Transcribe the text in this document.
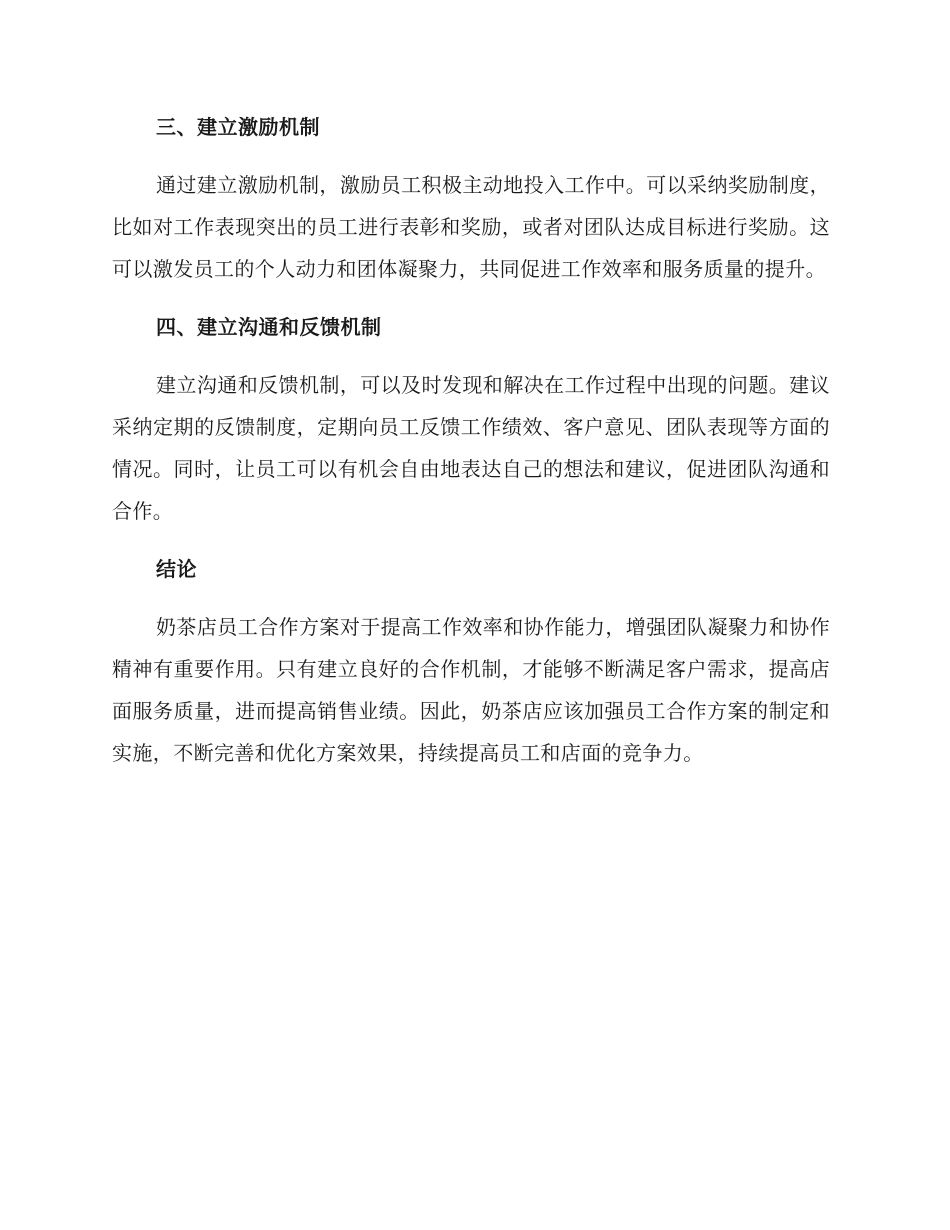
三、建立激励机制

通过建立激励机制，激励员工积极主动地投入工作中。可以采纳奖励制度，比如对工作表现突出的员工进行表彰和奖励，或者对团队达成目标进行奖励。这可以激发员工的个人动力和团体凝聚力，共同促进工作效率和服务质量的提升。

四、建立沟通和反馈机制

建立沟通和反馈机制，可以及时发现和解决在工作过程中出现的问题。建议采纳定期的反馈制度，定期向员工反馈工作绩效、客户意见、团队表现等方面的情况。同时，让员工可以有机会自由地表达自己的想法和建议，促进团队沟通和合作。

结论

奶茶店员工合作方案对于提高工作效率和协作能力，增强团队凝聚力和协作精神有重要作用。只有建立良好的合作机制，才能够不断满足客户需求，提高店面服务质量，进而提高销售业绩。因此，奶茶店应该加强员工合作方案的制定和实施，不断完善和优化方案效果，持续提高员工和店面的竞争力。
